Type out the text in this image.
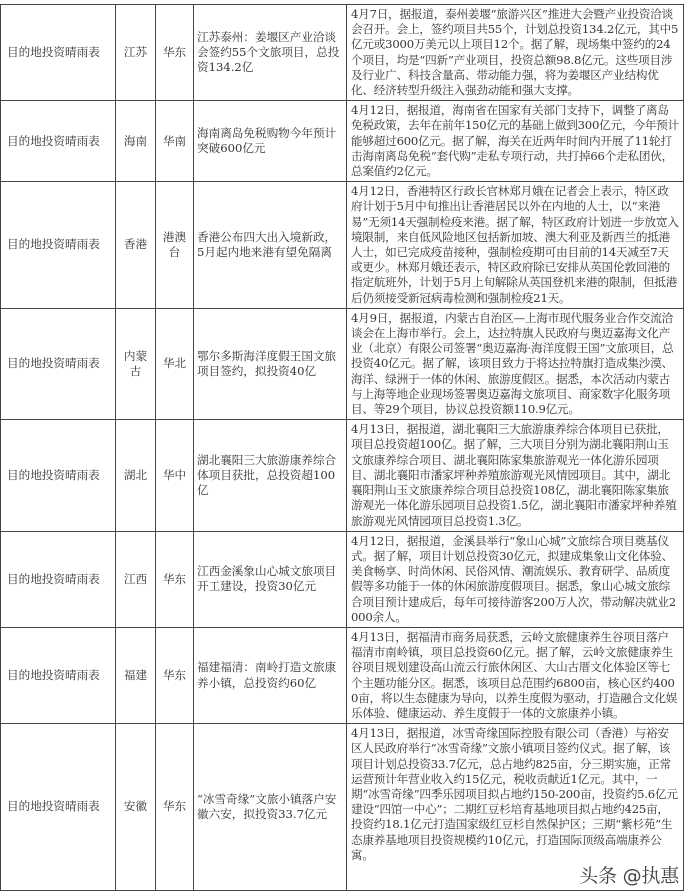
目的地投资晴雨表	江苏	华东	江苏泰州：姜堰区产业洽谈会签约55个文旅项目，总投资134.2亿	4月7日，据报道，泰州姜堰“旅游兴区”推进大会暨产业投资洽谈会召开。会上，签约项目共55个，计划总投资134.2亿元，其中5亿元或3000万美元以上项目12个。据了解，现场集中签约的24个项目，均是“四新”产业项目，投资总额98.8亿元。这些项目涉及行业广、科技含量高、带动能力强，将为姜堰区产业结构优化、经济转型升级注入强劲动能和强大支撑。

目的地投资晴雨表	海南	华南	海南离岛免税购物今年预计突破600亿元	4月12日，据报道，海南省在国家有关部门支持下，调整了离岛免税政策，去年在前年150亿元的基础上做到300亿元，今年预计能够超过600亿元。据了解，海关在近两年时间内开展了11轮打击海南离岛免税“套代购”走私专项行动，共打掉66个走私团伙，总案值约2亿元。

目的地投资晴雨表	香港	港澳台	香港公布四大出入境新政，5月起内地来港有望免隔离	4月12日，香港特区行政长官林郑月娥在记者会上表示，特区政府计划于5月中旬推出让香港居民以外在内地的人士，以“来港易”无须14天强制检疫来港。据了解，特区政府计划进一步放宽入境限制，来自低风险地区包括新加坡、澳大利亚及新西兰的抵港人士，如已完成疫苗接种，强制检疫期可由目前的14天减至7天或更少。林郑月娥还表示，特区政府除已安排从英国伦敦回港的指定航班外，计划于5月上旬解除从英国登机来港的限制，但抵港后仍须接受新冠病毒检测和强制检疫21天。

目的地投资晴雨表	内蒙古	华北	鄂尔多斯海洋度假王国文旅项目签约，拟投资40亿	4月9日，据报道，内蒙古自治区—上海市现代服务业合作交流洽谈会在上海市举行。会上，达拉特旗人民政府与奥迈嘉海文化产业（北京）有限公司签署“奥迈嘉海·海洋度假王国”文旅项目，总投资40亿元。据了解，该项目致力于将达拉特旗打造成集沙漠、海洋、绿洲于一体的休闲、旅游度假区。据悉，本次活动内蒙古与上海等地企业现场签署奥迈嘉海文旅项目、商家数字化服务项目、等29个项目，协议总投资额110.9亿元。

目的地投资晴雨表	湖北	华中	湖北襄阳三大旅游康养综合体项目获批，总投资超100亿	4月13日，据报道，湖北襄阳三大旅游康养综合体项目已获批，项目总投资超100亿。据了解，三大项目分别为湖北襄阳荆山玉文旅康养综合项目、湖北襄阳陈家集旅游观光一体化游乐园项目、湖北襄阳市潘家坪种养殖旅游观光风情园项目。其中，湖北襄阳荆山玉文旅康养综合项目总投资108亿，湖北襄阳陈家集旅游观光一体化游乐园项目总投资1.5亿，湖北襄阳市潘家坪种养殖旅游观光风情园项目总投资1.3亿。

目的地投资晴雨表	江西	华东	江西金溪象山心城文旅项目开工建设，投资30亿元	4月12日，据报道，金溪县举行“象山心城”文旅综合项目奠基仪式。据了解，项目计划总投资30亿元，拟建成集象山文化体验、美食畅享、时尚休闲、民俗风情、潮流娱乐、教育研学、品质度假等多功能于一体的休闲旅游度假项目。据悉，象山心城文旅综合项目预计建成后，每年可接待游客200万人次，带动解决就业2000余人。

目的地投资晴雨表	福建	华东	福建福清：南岭打造文旅康养小镇，总投资约60亿	4月13日，据福清市商务局获悉，云岭文旅健康养生谷项目落户福清市南岭镇，项目总投资60亿元。据了解，云岭文旅健康养生谷项目规划建设高山流云行旅休闲区、大山古厝文化体验区等七个主题功能分区。据悉，该项目总范围约6800亩，核心区约4000亩，将以生态健康为导向，以养生度假为驱动，打造融合文化娱乐体验、健康运动、养生度假于一体的文旅康养小镇。

目的地投资晴雨表	安徽	华东	“冰雪奇缘”文旅小镇落户安徽六安，拟投资33.7亿元	4月13日，据报道，冰雪奇缘国际控股有限公司（香港）与裕安区人民政府举行“冰雪奇缘”文旅小镇项目签约仪式。据了解，该项目计划总投资33.7亿元，总占地约825亩，分三期实施，正常运营预计年营业收入约15亿元，税收贡献近1亿元。其中，一期“冰雪奇缘”四季乐园项目拟占地约150-200亩，投资约5.6亿元建设“四馆一中心”；二期红豆杉培育基地项目拟占地约425亩，投资约18.1亿元打造国家级红豆杉自然保护区；三期“紫杉苑”生态康养基地项目投资规模约10亿元，打造国际顶级高端康养公寓。
头条 @执惠
